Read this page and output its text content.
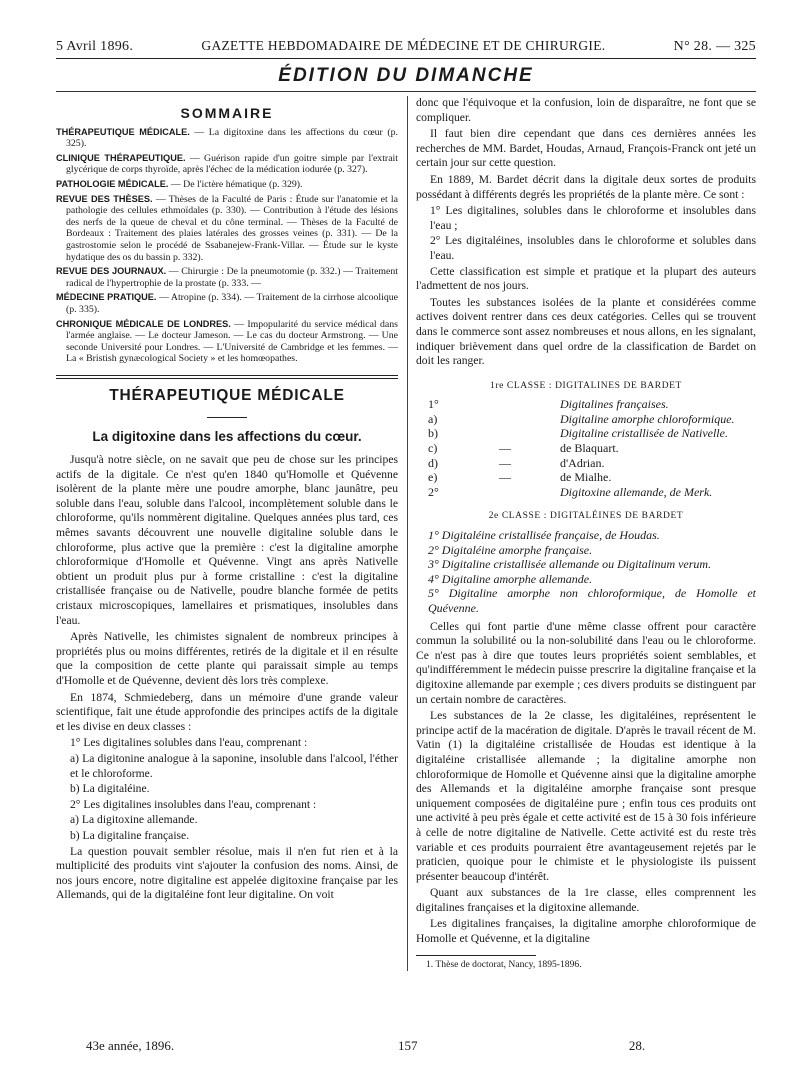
5 Avril 1896.	GAZETTE HEBDOMADAIRE DE MÉDECINE ET DE CHIRURGIE.	N° 28. — 325
ÉDITION DU DIMANCHE
SOMMAIRE
THÉRAPEUTIQUE MÉDICALE. — La digitoxine dans les affections du cœur (p. 325).
CLINIQUE THÉRAPEUTIQUE. — Guérison rapide d'un goitre simple par l'extrait glycérique de corps thyroïde, après l'échec de la médication iodurée (p. 327).
PATHOLOGIE MÉDICALE. — De l'ictère hématique (p. 329).
REVUE DES THÈSES. — Thèses de la Faculté de Paris : Étude sur l'anatomie et la pathologie des cellules ethmoïdales (p. 330). — Contribution à l'étude des lésions des nerfs de la queue de cheval et du cône terminal. — Thèses de la Faculté de Bordeaux : Traitement des plaies latérales des grosses veines (p. 331). — De la gastrostomie selon le procédé de Ssabanejew-Frank-Villar. — Étude sur le kyste hydatique des os du bassin p. 332).
REVUE DES JOURNAUX. — Chirurgie : De la pneumotomie (p. 332.) — Traitement radical de l'hypertrophie de la prostate (p. 333. —
MÉDECINE PRATIQUE. — Atropine (p. 334). — Traitement de la cirrhose alcoolique (p. 335).
CHRONIQUE MÉDICALE DE LONDRES. — Impopularité du service médical dans l'armée anglaise. — Le docteur Jameson. — Le cas du docteur Armstrong. — Une seconde Université pour Londres. — L'Université de Cambridge et les femmes. — La « Bristish gynæcological Society » et les homœopathes.
THÉRAPEUTIQUE MÉDICALE
La digitoxine dans les affections du cœur.

Jusqu'à notre siècle, on ne savait que peu de chose sur les principes actifs de la digitale. Ce n'est qu'en 1840 qu'Homolle et Quévenne isolèrent de la plante mère une poudre amorphe, blanc jaunâtre, peu soluble dans l'eau, soluble dans l'alcool, incomplètement soluble dans le chloroforme, qu'ils nommèrent digitaline. Quelques années plus tard, ces mêmes savants découvrent une nouvelle digitaline soluble dans le chloroforme, plus active que la première : c'est la digitaline amorphe chloroformique d'Homolle et Quévenne. Vingt ans après Nativelle obtient un produit plus pur à forme cristalline : c'est la digitaline cristallisée française ou de Nativelle, poudre blanche formée de petits cristaux microscopiques, lamellaires et prismatiques, insolubles dans l'eau.

Après Nativelle, les chimistes signalent de nombreux principes à propriétés plus ou moins différentes, retirés de la digitale et il en résulte que la composition de cette plante qui paraissait simple au temps d'Homolle et de Quévenne, devient dès lors très complexe.

En 1874, Schmiedeberg, dans un mémoire d'une grande valeur scientifique, fait une étude approfondie des principes actifs de la digitale et les divise en deux classes :

1° Les digitalines solubles dans l'eau, comprenant :
a) La digitonine analogue à la saponine, insoluble dans l'alcool, l'éther et le chloroforme.
b) La digitaléine.
2° Les digitalines insolubles dans l'eau, comprenant :
a) La digitoxine allemande.
b) La digitaline française.

La question pouvait sembler résolue, mais il n'en fut rien et à la multiplicité des produits vint s'ajouter la confusion des noms. Ainsi, de nos jours encore, notre digitaline est appelée digitoxine française par les Allemands, qui de la digitaléine font leur digitaline. On voit

donc que l'équivoque et la confusion, loin de disparaître, ne font que se compliquer.

Il faut bien dire cependant que dans ces dernières années les recherches de MM. Bardet, Houdas, Arnaud, François-Franck ont jeté un certain jour sur cette question.

En 1889, M. Bardet décrit dans la digitale deux sortes de produits possédant à différents degrés les propriétés de la plante mère. Ce sont :

1° Les digitalines, solubles dans le chloroforme et insolubles dans l'eau ;
2° Les digitaléines, insolubles dans le chloroforme et solubles dans l'eau.

Cette classification est simple et pratique et la plupart des auteurs l'admettent de nos jours.

Toutes les substances isolées de la plante et considérées comme actives doivent rentrer dans ces deux catégories. Celles qui se trouvent dans le commerce sont assez nombreuses et nous allons, en les signalant, indiquer brièvement dans quel ordre de la classification de Bardet on doit les ranger.

1re CLASSE : DIGITALINES DE BARDET
1°	Digitalines françaises.
a)	Digitaline amorphe chloroformique.
b)	Digitaline cristallisée de Nativelle.
c)	—	de Blaquart.
d)	—	d'Adrian.
e)	—	de Mialhe.
2°	Digitoxine allemande, de Merk.
2e CLASSE : DIGITALÉINES DE BARDET
1° Digitaléine cristallisée française, de Houdas.
2° Digitaléine amorphe française.
3° Digitaline cristallisée allemande ou Digitalinum verum.
4° Digitaline amorphe allemande.
5° Digitaline amorphe non chloroformique, de Homolle et Quévenne.

Celles qui font partie d'une même classe offrent pour caractère commun la solubilité ou la non-solubilité dans l'eau ou le chloroforme. Ce n'est pas à dire que toutes leurs propriétés soient semblables, et qu'indifféremment le médecin puisse prescrire la digitaline française et la digitoxine allemande par exemple ; ces divers produits se distinguent par un certain nombre de caractères.

Les substances de la 2e classe, les digitaléines, représentent le principe actif de la macération de digitale. D'après le travail récent de M. Vatin (1) la digitaléine cristallisée de Houdas est identique à la digitaléine cristallisée allemande ; la digitaline amorphe non chloroformique de Homolle et Quévenne ainsi que la digitaline amorphe des Allemands et la digitaléine amorphe française sont presque uniquement composées de digitaléine pure ; enfin tous ces produits ont une activité à peu près égale et cette activité est de 15 à 30 fois inférieure à celle de notre digitaline de Nativelle. Cette activité est du reste très variable et ces produits pourraient être avantageusement rejetés par le praticien, quoique pour le chimiste et le physiologiste ils puissent présenter beaucoup d'intérêt.

Quant aux substances de la 1re classe, elles comprennent les digitalines françaises et la digitoxine allemande.

Les digitalines françaises, la digitaline amorphe chloroformique de Homolle et Quévenne, et la digitaline

1. Thèse de doctorat, Nancy, 1895-1896.
43e année, 1896.	157	28.
